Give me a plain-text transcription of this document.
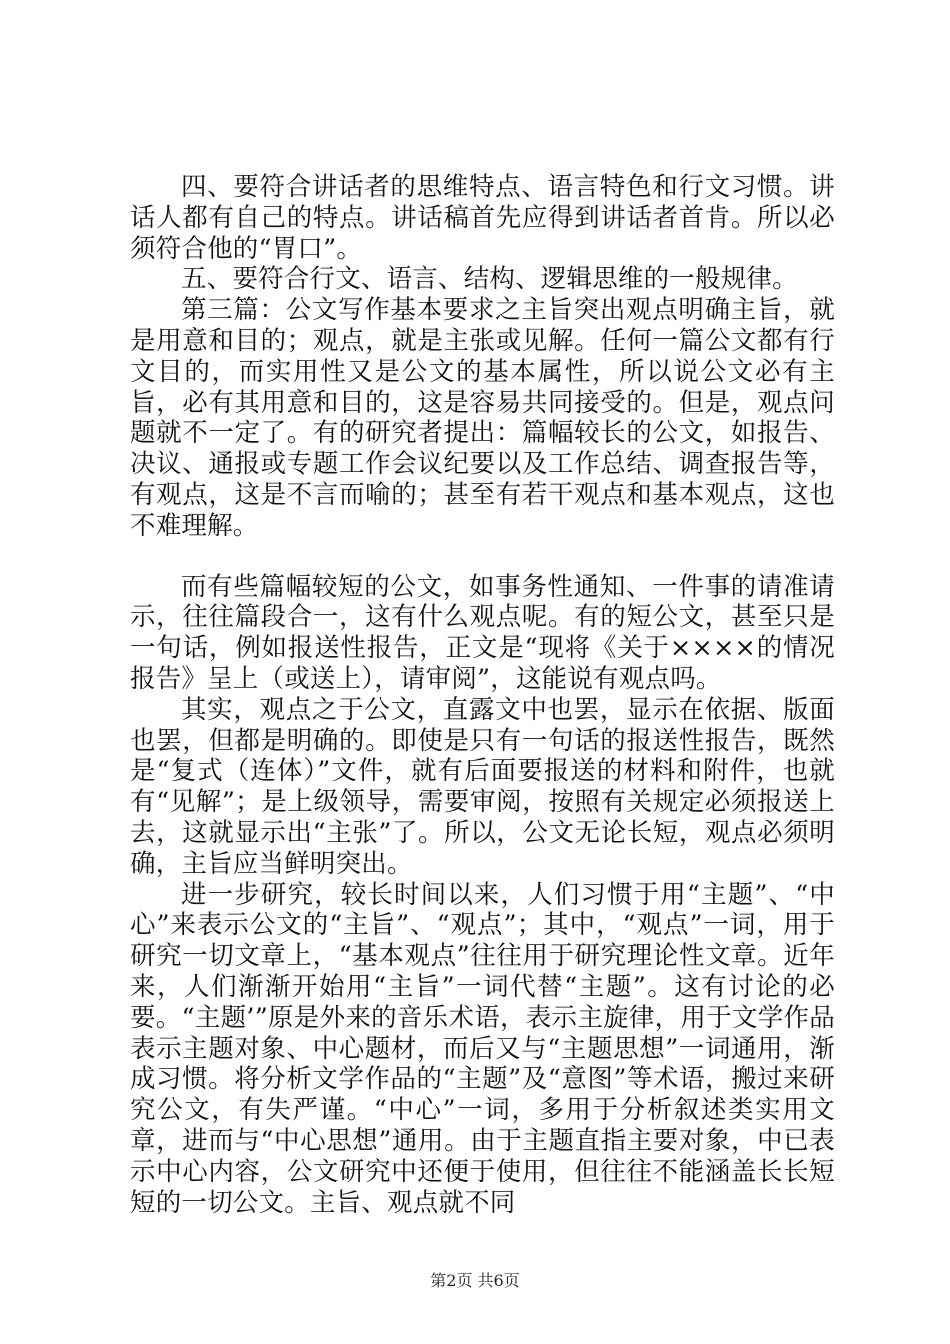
四、要符合讲话者的思维特点、语言特色和行文习惯。讲话人都有自己的特点。讲话稿首先应得到讲话者首肯。所以必须符合他的“胃口”。

五、要符合行文、语言、结构、逻辑思维的一般规律。

第三篇：公文写作基本要求之主旨突出观点明确主旨，就是用意和目的；观点，就是主张或见解。任何一篇公文都有行文目的，而实用性又是公文的基本属性，所以说公文必有主旨，必有其用意和目的，这是容易共同接受的。但是，观点问题就不一定了。有的研究者提出：篇幅较长的公文，如报告、决议、通报或专题工作会议纪要以及工作总结、调查报告等，有观点，这是不言而喻的；甚至有若干观点和基本观点，这也不难理解。

而有些篇幅较短的公文，如事务性通知、一件事的请准请示，往往篇段合一，这有什么观点呢。有的短公文，甚至只是一句话，例如报送性报告，正文是“现将《关于××××的情况报告》呈上（或送上），请审阅”，这能说有观点吗。

其实，观点之于公文，直露文中也罢，显示在依据、版面也罢，但都是明确的。即使是只有一句话的报送性报告，既然是“复式（连体）”文件，就有后面要报送的材料和附件，也就有“见解”；是上级领导，需要审阅，按照有关规定必须报送上去，这就显示出“主张”了。所以，公文无论长短，观点必须明确，主旨应当鲜明突出。

进一步研究，较长时间以来，人们习惯于用“主题”、“中心”来表示公文的“主旨”、“观点”；其中，“观点”一词，用于研究一切文章上，“基本观点”往往用于研究理论性文章。近年来，人们渐渐开始用“主旨”一词代替“主题”。这有讨论的必要。“主题’”原是外来的音乐术语，表示主旋律，用于文学作品表示主题对象、中心题材，而后又与“主题思想”一词通用，渐成习惯。将分析文学作品的“主题”及“意图”等术语，搬过来研究公文，有失严谨。“中心”一词，多用于分析叙述类实用文章，进而与“中心思想”通用。由于主题直指主要对象，中已表示中心内容，公文研究中还便于使用，但往往不能涵盖长长短短的一切公文。主旨、观点就不同

第2页 共6页
